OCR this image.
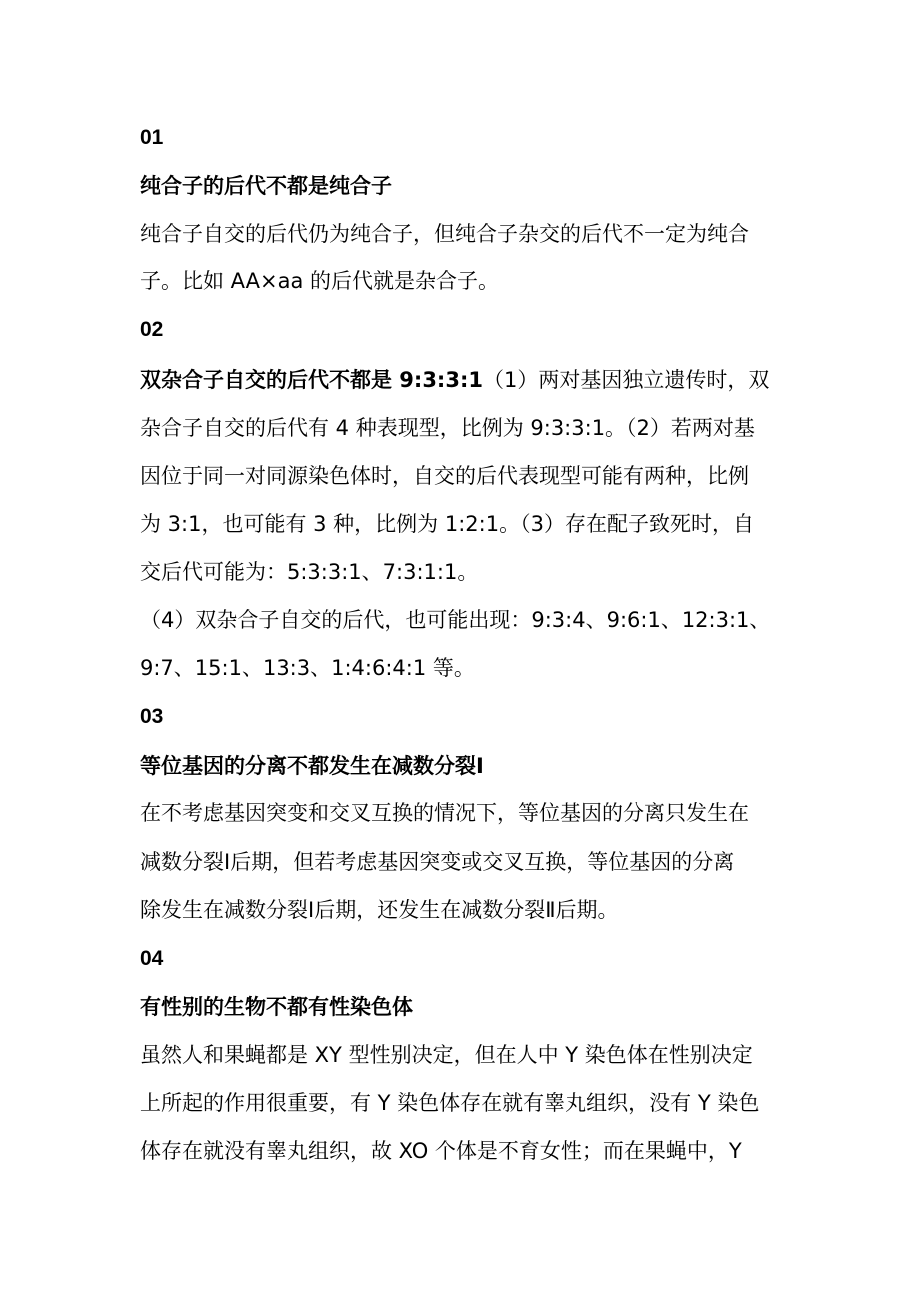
01
纯合子的后代不都是纯合子
纯合子自交的后代仍为纯合子，但纯合子杂交的后代不一定为纯合
子。比如 AA×aa 的后代就是杂合子。
02
双杂合子自交的后代不都是 9:3:3:1（1）两对基因独立遗传时，双
杂合子自交的后代有 4 种表现型，比例为 9:3:3:1。（2）若两对基
因位于同一对同源染色体时，自交的后代表现型可能有两种，比例
为 3:1，也可能有 3 种，比例为 1:2:1。（3）存在配子致死时，自
交后代可能为：5:3:3:1、7:3:1:1。
（4）双杂合子自交的后代，也可能出现：9:3:4、9:6:1、12:3:1、
9:7、15:1、13:3、1:4:6:4:1 等。
03
等位基因的分离不都发生在减数分裂Ⅰ
在不考虑基因突变和交叉互换的情况下，等位基因的分离只发生在
减数分裂Ⅰ后期，但若考虑基因突变或交叉互换，等位基因的分离
除发生在减数分裂Ⅰ后期，还发生在减数分裂Ⅱ后期。
04
有性别的生物不都有性染色体
虽然人和果蝇都是 XY 型性别决定，但在人中 Y 染色体在性别决定
上所起的作用很重要，有 Y 染色体存在就有睾丸组织，没有 Y 染色
体存在就没有睾丸组织，故 XO 个体是不育女性；而在果蝇中，Y
